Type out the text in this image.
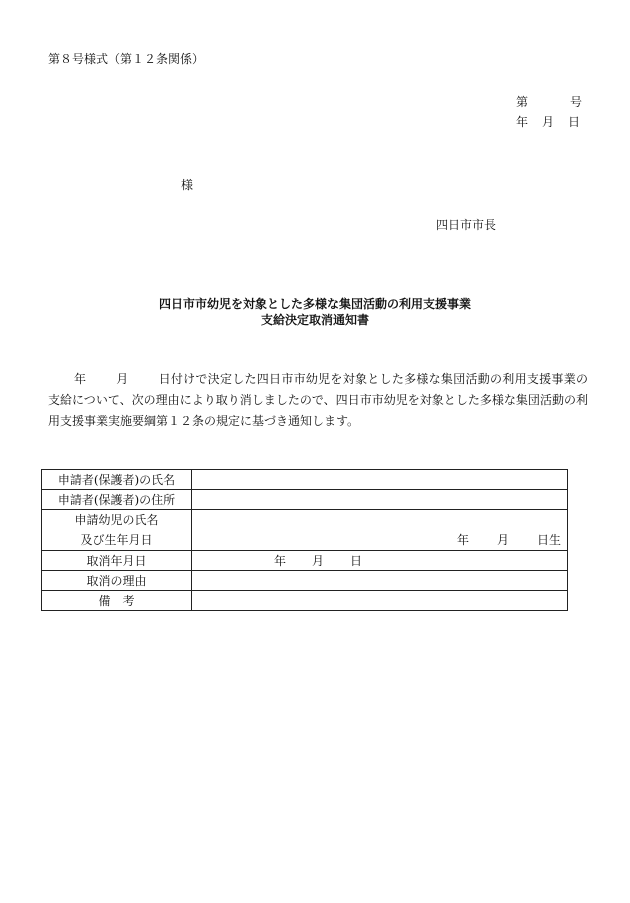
第８号様式（第１２条関係）
第	号
年 月 日
様
四日市市長
四日市市幼児を対象とした多様な集団活動の利用支援事業
支給決定取消通知書
年	月	日付けで決定した四日市市幼児を対象とした多様な集団活動の利用支援事業の支給について、次の理由により取り消しましたので、四日市市幼児を対象とした多様な集団活動の利用支援事業実施要綱第１２条の規定に基づき通知します。
申請者(保護者)の氏名	
申請者(保護者)の住所	

申請幼児の氏名
及び生年月日	年 月 日生
取消年月日	年 月 日
取消の理由	
備　考	
